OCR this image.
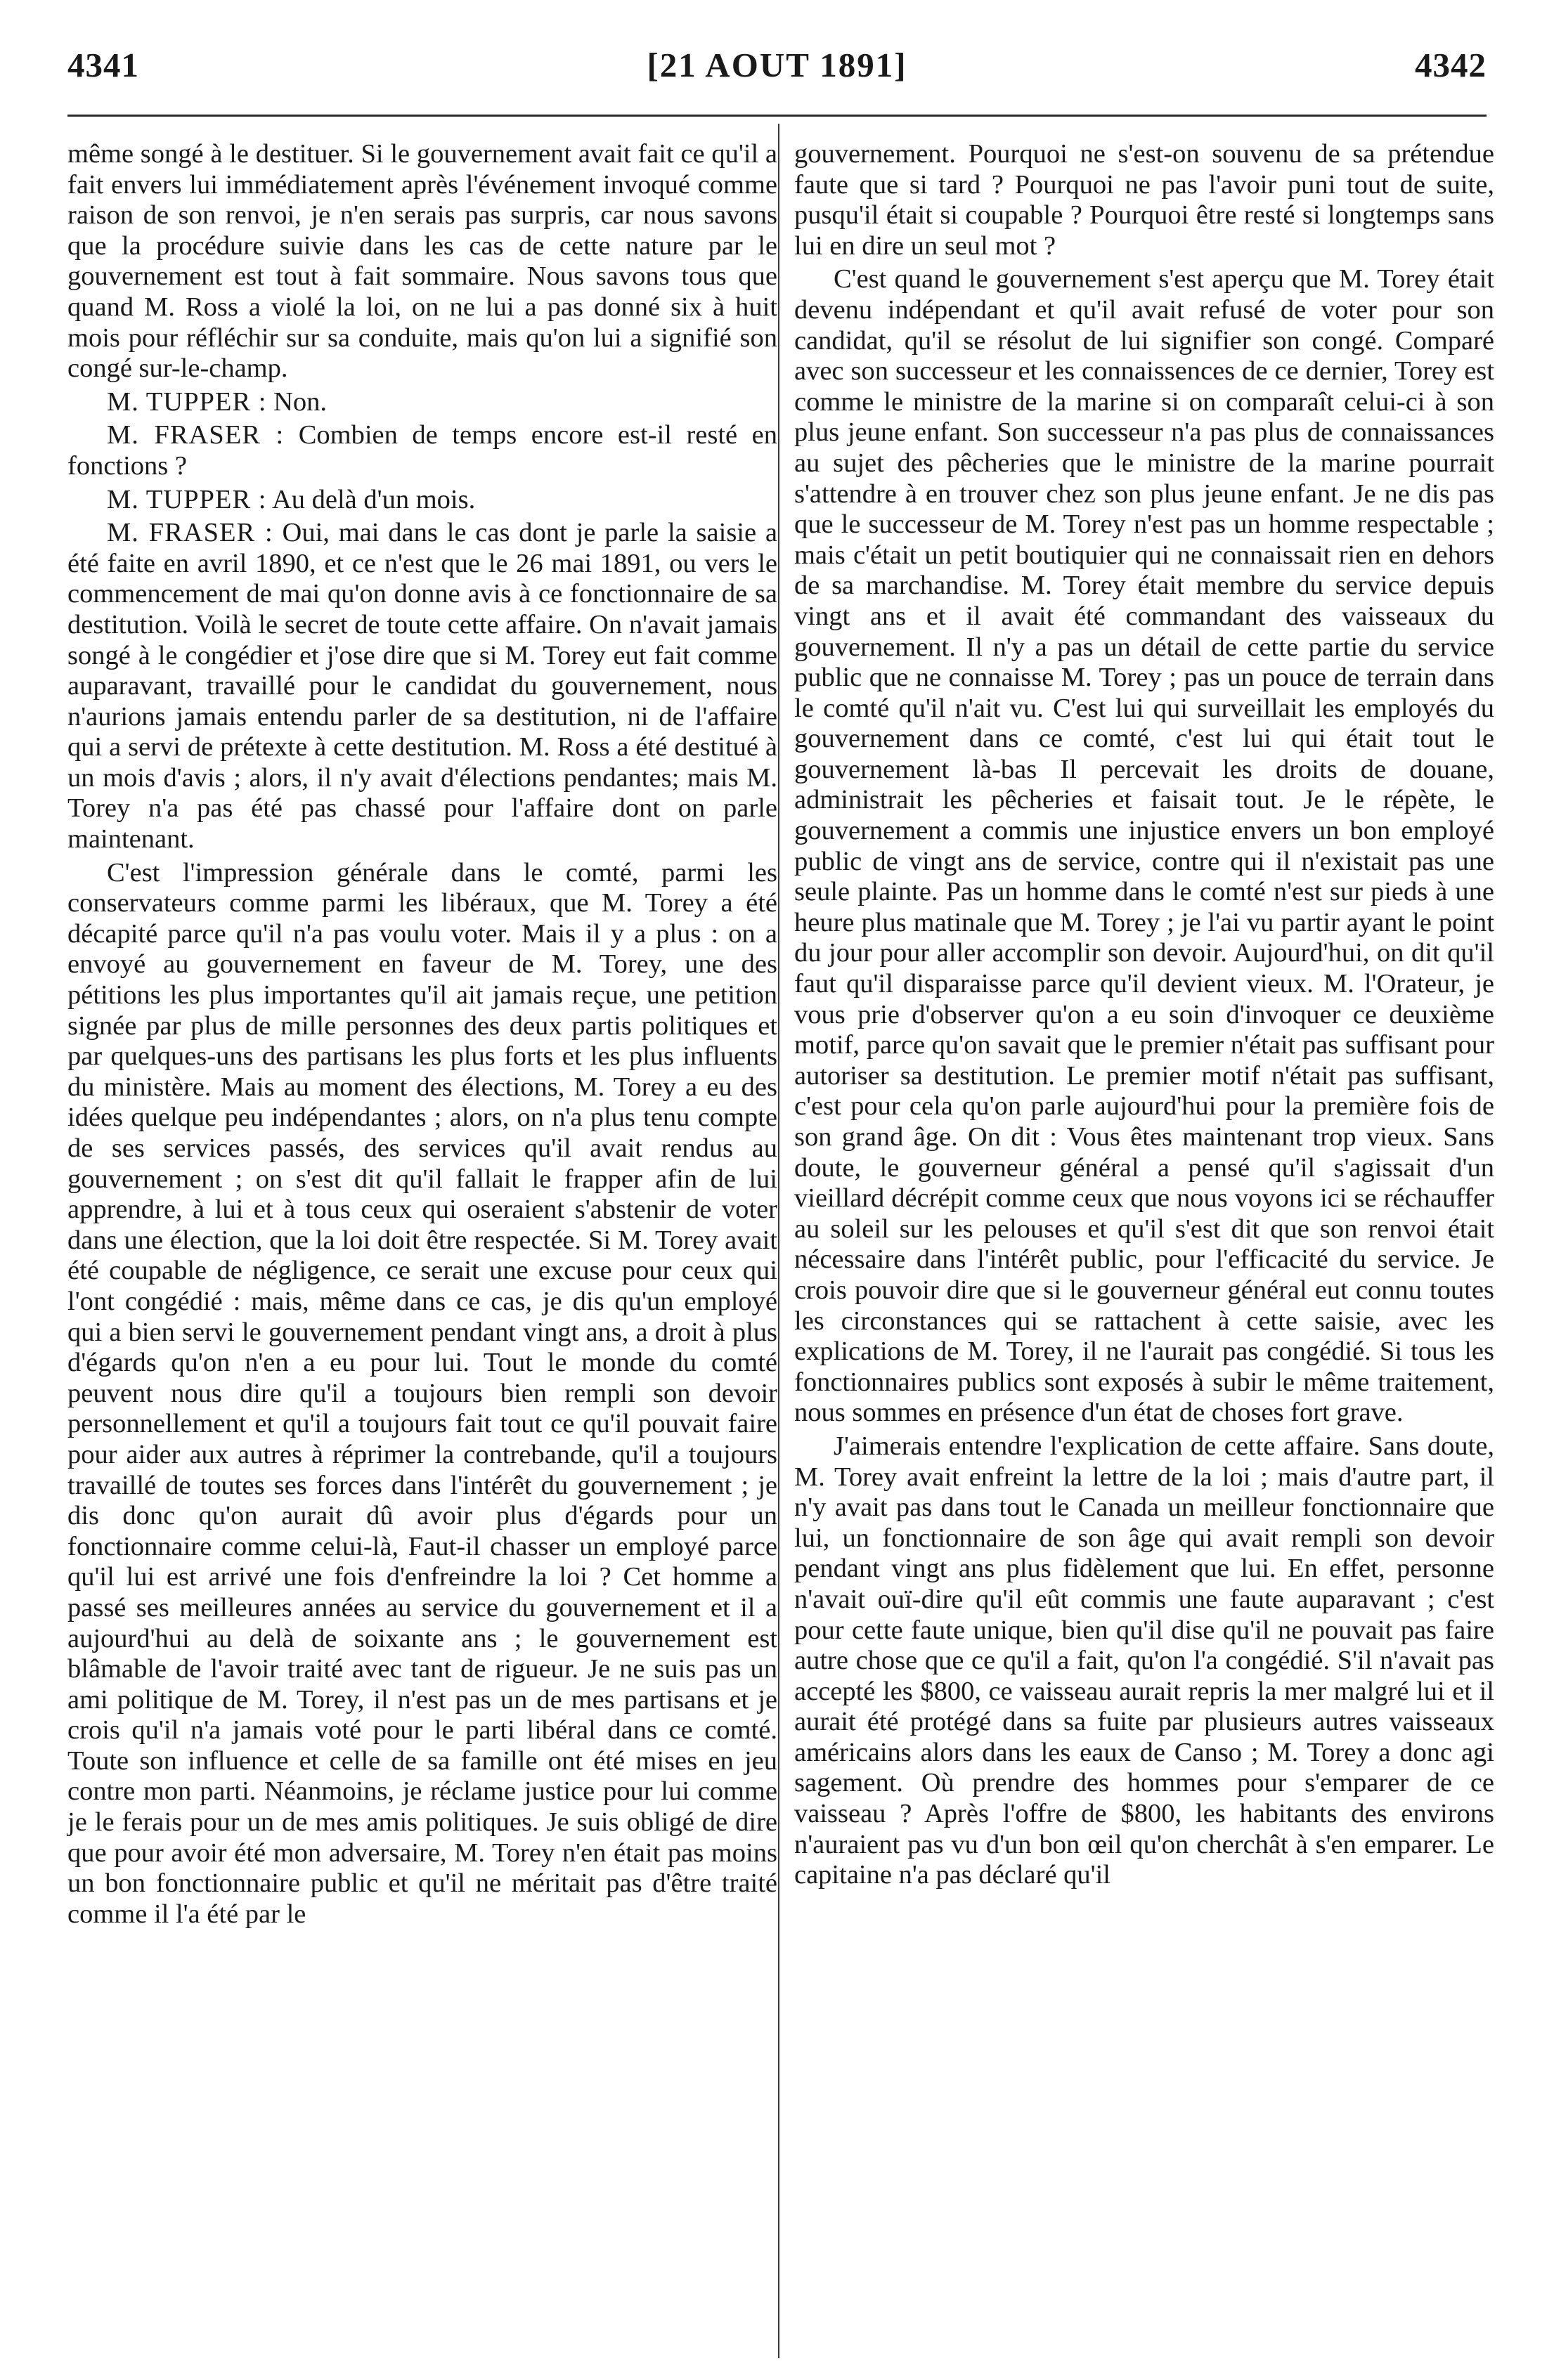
4341	[21 AOUT 1891]	4342

même songé à le destituer. Si le gouvernement avait fait ce qu'il a fait envers lui immédiatement après l'événement invoqué comme raison de son renvoi, je n'en serais pas surpris, car nous savons que la procédure suivie dans les cas de cette nature par le gouvernement est tout à fait sommaire. Nous savons tous que quand M. Ross a violé la loi, on ne lui a pas donné six à huit mois pour réfléchir sur sa conduite, mais qu'on lui a signifié son congé sur-le-champ.

M. TUPPER : Non.

M. FRASER : Combien de temps encore est-il resté en fonctions ?

M. TUPPER : Au delà d'un mois.

M. FRASER : Oui, mai dans le cas dont je parle la saisie a été faite en avril 1890, et ce n'est que le 26 mai 1891, ou vers le commencement de mai qu'on donne avis à ce fonctionnaire de sa destitution. Voilà le secret de toute cette affaire. On n'avait jamais songé à le congédier et j'ose dire que si M. Torey eut fait comme auparavant, travaillé pour le candidat du gouvernement, nous n'aurions jamais entendu parler de sa destitution, ni de l'affaire qui a servi de prétexte à cette destitution. M. Ross a été destitué à un mois d'avis ; alors, il n'y avait d'élections pendantes; mais M. Torey n'a pas été pas chassé pour l'affaire dont on parle maintenant.

C'est l'impression générale dans le comté, parmi les conservateurs comme parmi les libéraux, que M. Torey a été décapité parce qu'il n'a pas voulu voter. Mais il y a plus : on a envoyé au gouvernement en faveur de M. Torey, une des pétitions les plus importantes qu'il ait jamais reçue, une petition signée par plus de mille personnes des deux partis politiques et par quelques-uns des partisans les plus forts et les plus influents du ministère. Mais au moment des élections, M. Torey a eu des idées quelque peu indépendantes ; alors, on n'a plus tenu compte de ses services passés, des services qu'il avait rendus au gouvernement ; on s'est dit qu'il fallait le frapper afin de lui apprendre, à lui et à tous ceux qui oseraient s'abstenir de voter dans une élection, que la loi doit être respectée. Si M. Torey avait été coupable de négligence, ce serait une excuse pour ceux qui l'ont congédié : mais, même dans ce cas, je dis qu'un employé qui a bien servi le gouvernement pendant vingt ans, a droit à plus d'égards qu'on n'en a eu pour lui. Tout le monde du comté peuvent nous dire qu'il a toujours bien rempli son devoir personnellement et qu'il a toujours fait tout ce qu'il pouvait faire pour aider aux autres à réprimer la contrebande, qu'il a toujours travaillé de toutes ses forces dans l'intérêt du gouvernement ; je dis donc qu'on aurait dû avoir plus d'égards pour un fonctionnaire comme celui-là, Faut-il chasser un employé parce qu'il lui est arrivé une fois d'enfreindre la loi ? Cet homme a passé ses meilleures années au service du gouvernement et il a aujourd'hui au delà de soixante ans ; le gouvernement est blâmable de l'avoir traité avec tant de rigueur. Je ne suis pas un ami politique de M. Torey, il n'est pas un de mes partisans et je crois qu'il n'a jamais voté pour le parti libéral dans ce comté. Toute son influence et celle de sa famille ont été mises en jeu contre mon parti. Néanmoins, je réclame justice pour lui comme je le ferais pour un de mes amis politiques. Je suis obligé de dire que pour avoir été mon adversaire, M. Torey n'en était pas moins un bon fonctionnaire public et qu'il ne méritait pas d'être traité comme il l'a été par le

gouvernement. Pourquoi ne s'est-on souvenu de sa prétendue faute que si tard ? Pourquoi ne pas l'avoir puni tout de suite, pusqu'il était si coupable ? Pourquoi être resté si longtemps sans lui en dire un seul mot ?

C'est quand le gouvernement s'est aperçu que M. Torey était devenu indépendant et qu'il avait refusé de voter pour son candidat, qu'il se résolut de lui signifier son congé. Comparé avec son successeur et les connaissences de ce dernier, Torey est comme le ministre de la marine si on comparaît celui-ci à son plus jeune enfant. Son successeur n'a pas plus de connaissances au sujet des pêcheries que le ministre de la marine pourrait s'attendre à en trouver chez son plus jeune enfant. Je ne dis pas que le successeur de M. Torey n'est pas un homme respectable ; mais c'était un petit boutiquier qui ne connaissait rien en dehors de sa marchandise. M. Torey était membre du service depuis vingt ans et il avait été commandant des vaisseaux du gouvernement. Il n'y a pas un détail de cette partie du service public que ne connaisse M. Torey ; pas un pouce de terrain dans le comté qu'il n'ait vu. C'est lui qui surveillait les employés du gouvernement dans ce comté, c'est lui qui était tout le gouvernement là-bas Il percevait les droits de douane, administrait les pêcheries et faisait tout. Je le répète, le gouvernement a commis une injustice envers un bon employé public de vingt ans de service, contre qui il n'existait pas une seule plainte. Pas un homme dans le comté n'est sur pieds à une heure plus matinale que M. Torey ; je l'ai vu partir ayant le point du jour pour aller accomplir son devoir. Aujourd'hui, on dit qu'il faut qu'il disparaisse parce qu'il devient vieux. M. l'Orateur, je vous prie d'observer qu'on a eu soin d'invoquer ce deuxième motif, parce qu'on savait que le premier n'était pas suffisant pour autoriser sa destitution. Le premier motif n'était pas suffisant, c'est pour cela qu'on parle aujourd'hui pour la première fois de son grand âge. On dit : Vous êtes maintenant trop vieux. Sans doute, le gouverneur général a pensé qu'il s'agissait d'un vieillard décrépit comme ceux que nous voyons ici se réchauffer au soleil sur les pelouses et qu'il s'est dit que son renvoi était nécessaire dans l'intérêt public, pour l'efficacité du service. Je crois pouvoir dire que si le gouverneur général eut connu toutes les circonstances qui se rattachent à cette saisie, avec les explications de M. Torey, il ne l'aurait pas congédié. Si tous les fonctionnaires publics sont exposés à subir le même traitement, nous sommes en présence d'un état de choses fort grave.

J'aimerais entendre l'explication de cette affaire. Sans doute, M. Torey avait enfreint la lettre de la loi ; mais d'autre part, il n'y avait pas dans tout le Canada un meilleur fonctionnaire que lui, un fonctionnaire de son âge qui avait rempli son devoir pendant vingt ans plus fidèlement que lui. En effet, personne n'avait ouï-dire qu'il eût commis une faute auparavant ; c'est pour cette faute unique, bien qu'il dise qu'il ne pouvait pas faire autre chose que ce qu'il a fait, qu'on l'a congédié. S'il n'avait pas accepté les $800, ce vaisseau aurait repris la mer malgré lui et il aurait été protégé dans sa fuite par plusieurs autres vaisseaux américains alors dans les eaux de Canso ; M. Torey a donc agi sagement. Où prendre des hommes pour s'emparer de ce vaisseau ? Après l'offre de $800, les habitants des environs n'auraient pas vu d'un bon œil qu'on cherchât à s'en emparer. Le capitaine n'a pas déclaré qu'il
